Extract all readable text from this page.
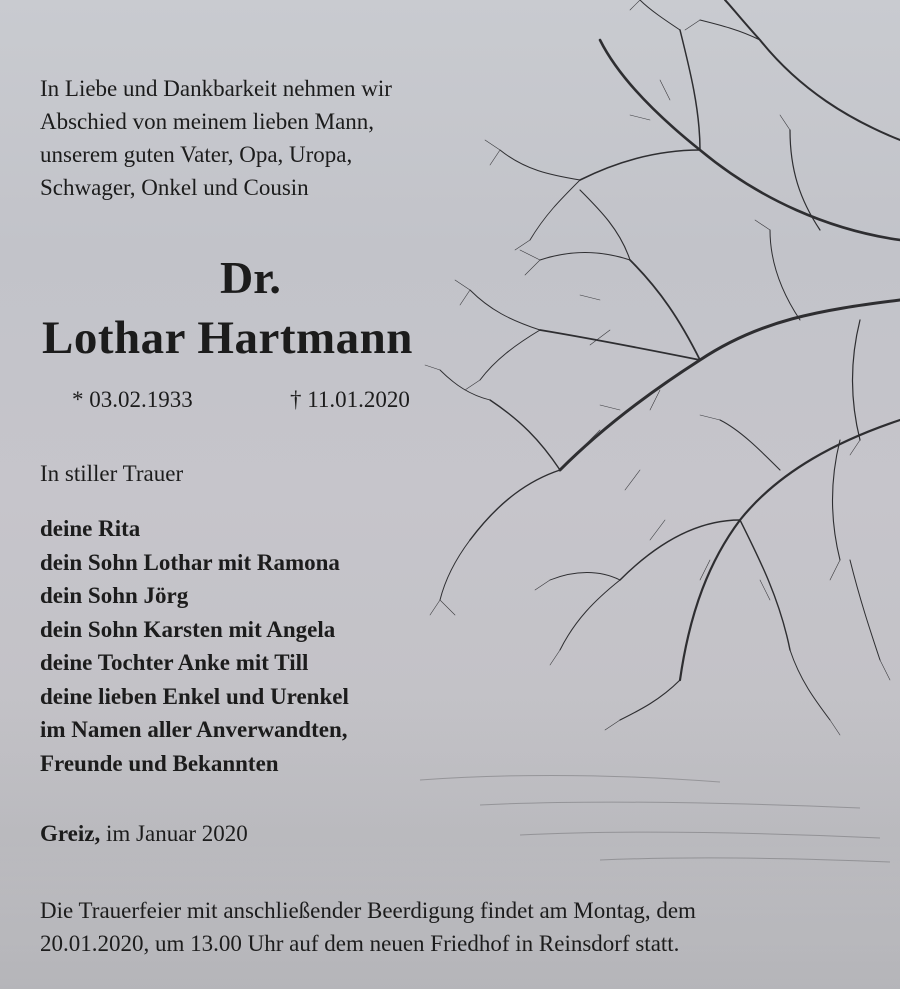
In Liebe und Dankbarkeit nehmen wir
Abschied von meinem lieben Mann,
unserem guten Vater, Opa, Uropa,
Schwager, Onkel und Cousin
Dr.
Lothar Hartmann
* 03.02.1933	† 11.01.2020
In stiller Trauer
deine Rita
dein Sohn Lothar mit Ramona
dein Sohn Jörg
dein Sohn Karsten mit Angela
deine Tochter Anke mit Till
deine lieben Enkel und Urenkel
im Namen aller Anverwandten,
Freunde und Bekannten
Greiz, im Januar 2020
Die Trauerfeier mit anschließender Beerdigung findet am Montag, dem
20.01.2020, um 13.00 Uhr auf dem neuen Friedhof in Reinsdorf statt.
